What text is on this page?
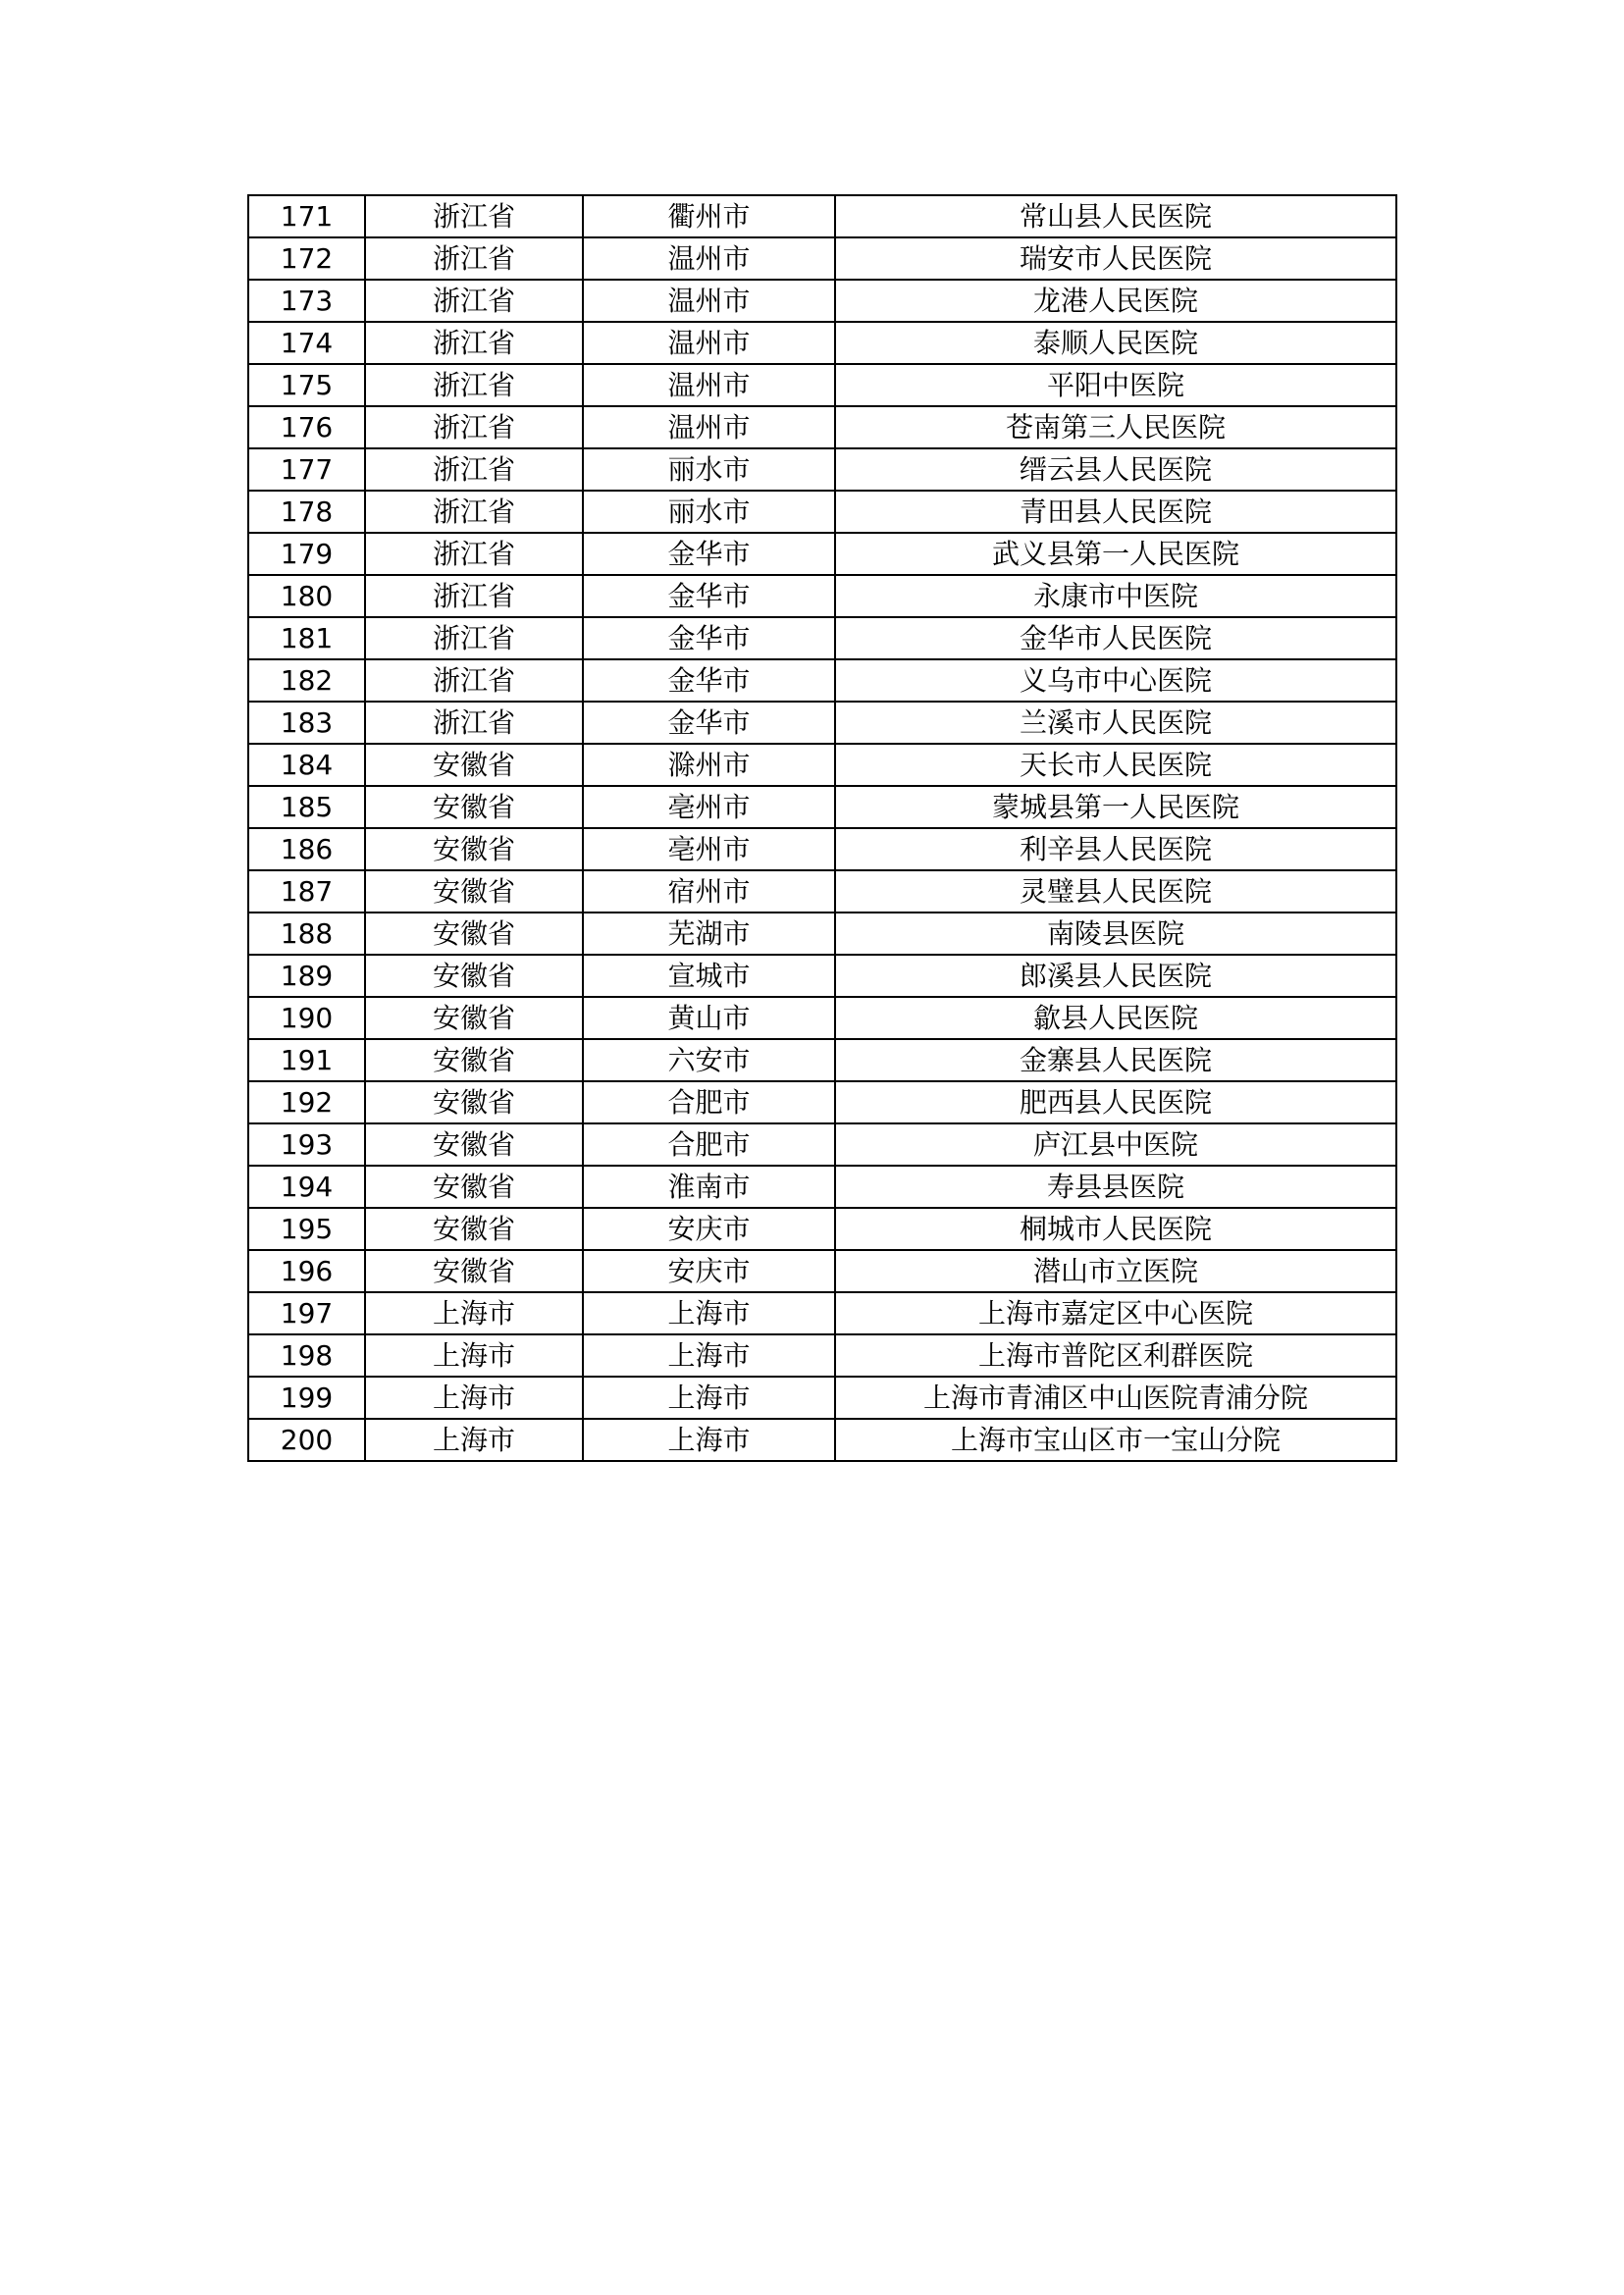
171	浙江省	衢州市	常山县人民医院
172	浙江省	温州市	瑞安市人民医院
173	浙江省	温州市	龙港人民医院
174	浙江省	温州市	泰顺人民医院
175	浙江省	温州市	平阳中医院
176	浙江省	温州市	苍南第三人民医院
177	浙江省	丽水市	缙云县人民医院
178	浙江省	丽水市	青田县人民医院
179	浙江省	金华市	武义县第一人民医院
180	浙江省	金华市	永康市中医院
181	浙江省	金华市	金华市人民医院
182	浙江省	金华市	义乌市中心医院
183	浙江省	金华市	兰溪市人民医院
184	安徽省	滁州市	天长市人民医院
185	安徽省	亳州市	蒙城县第一人民医院
186	安徽省	亳州市	利辛县人民医院
187	安徽省	宿州市	灵璧县人民医院
188	安徽省	芜湖市	南陵县医院
189	安徽省	宣城市	郎溪县人民医院
190	安徽省	黄山市	歙县人民医院
191	安徽省	六安市	金寨县人民医院
192	安徽省	合肥市	肥西县人民医院
193	安徽省	合肥市	庐江县中医院
194	安徽省	淮南市	寿县县医院
195	安徽省	安庆市	桐城市人民医院
196	安徽省	安庆市	潜山市立医院
197	上海市	上海市	上海市嘉定区中心医院
198	上海市	上海市	上海市普陀区利群医院
199	上海市	上海市	上海市青浦区中山医院青浦分院
200	上海市	上海市	上海市宝山区市一宝山分院
